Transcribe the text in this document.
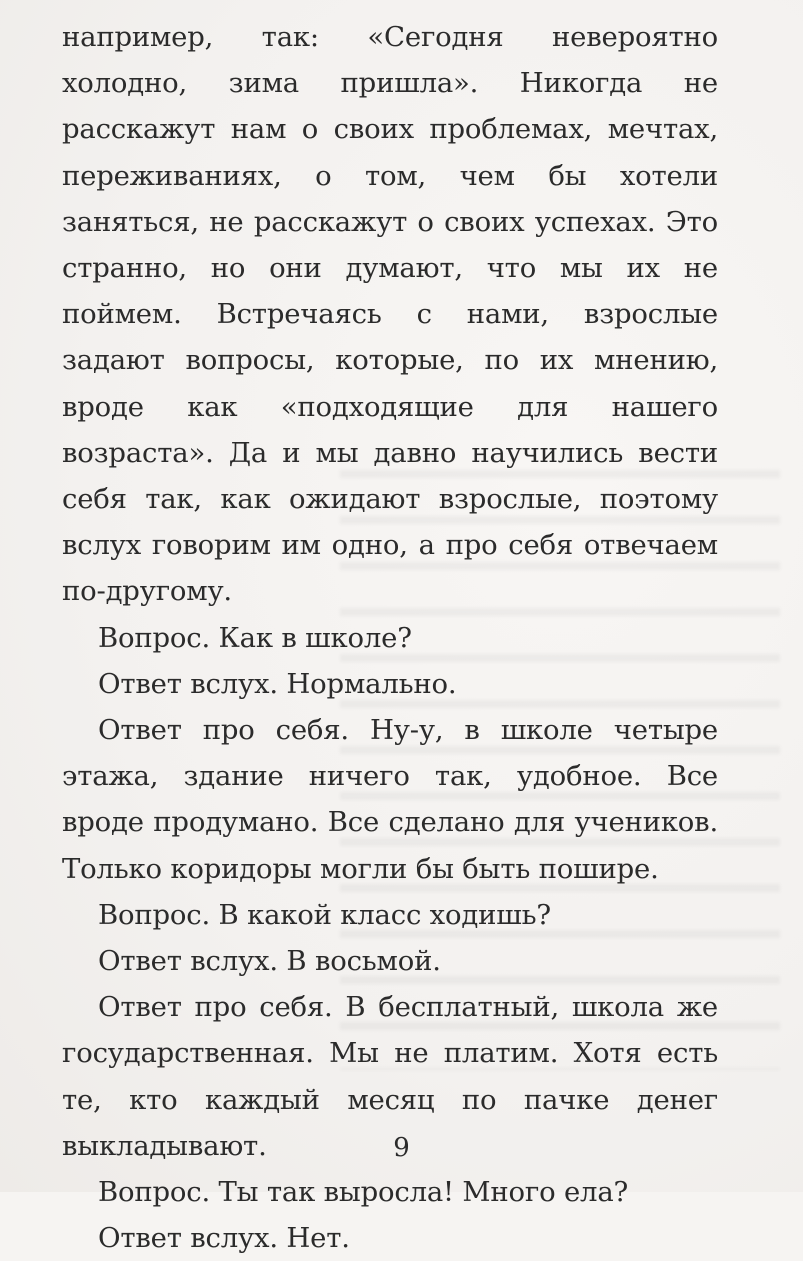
например, так: «Сегодня невероятно холодно, зима пришла». Никогда не расскажут нам о своих проблемах, мечтах, переживаниях, о том, чем бы хотели заняться, не расскажут о своих успехах. Это странно, но они думают, что мы их не поймем. Встречаясь с нами, взрослые задают вопросы, которые, по их мнению, вроде как «подходящие для нашего возраста». Да и мы давно научились вести себя так, как ожидают взрослые, поэтому вслух говорим им одно, а про себя отвечаем по-другому.

Вопрос. Как в школе?

Ответ вслух. Нормально.

Ответ про себя. Ну-у, в школе четыре этажа, здание ничего так, удобное. Все вроде продумано. Все сделано для учеников. Только коридоры могли бы быть пошире.

Вопрос. В какой класс ходишь?

Ответ вслух. В восьмой.

Ответ про себя. В бесплатный, школа же государственная. Мы не платим. Хотя есть те, кто каждый месяц по пачке денег выкладывают.

Вопрос. Ты так выросла! Много ела?

Ответ вслух. Нет.

9
